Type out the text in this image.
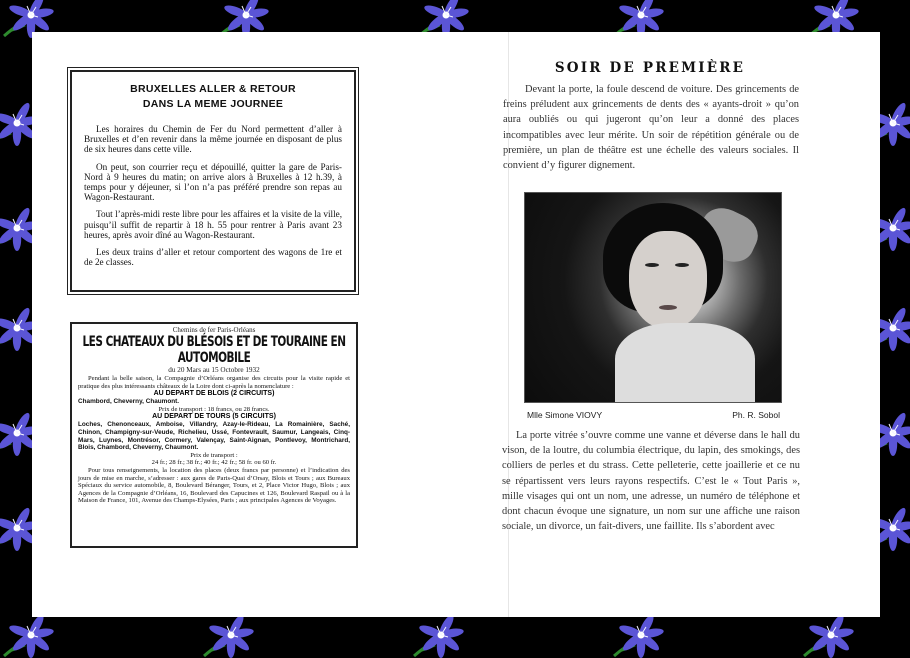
BRUXELLES ALLER & RETOUR
DANS LA MEME JOURNEE

Les horaires du Chemin de Fer du Nord permettent d’aller à Bruxelles et d’en revenir dans la même journée en disposant de plus de six heures dans cette ville.

On peut, son courrier reçu et dépouillé, quitter la gare de Paris-Nord à 9 heures du matin; on arrive alors à Bruxelles à 12 h.39, à temps pour y déjeuner, si l’on n’a pas préféré prendre son repas au Wagon-Restaurant.

Tout l’après-midi reste libre pour les affaires et la visite de la ville, puisqu’il suffit de repartir à 18 h. 55 pour rentrer à Paris avant 23 heures, après avoir dîné au Wagon-Restaurant.

Les deux trains d’aller et retour comportent des wagons de 1re et de 2e classes.

Chemins de fer Paris-Orléans
LES CHATEAUX DU BLÉSOIS ET DE TOURAINE EN AUTOMOBILE
du 20 Mars au 15 Octobre 1932
Pendant la belle saison, la Compagnie d’Orléans organise des circuits pour la visite rapide et pratique des plus intéressants châteaux de la Loire dont ci-après la nomenclature :
AU DEPART DE BLOIS (2 CIRCUITS)
Chambord, Cheverny, Chaumont.
Prix de transport : 18 francs, ou 28 francs.
AU DEPART DE TOURS (5 CIRCUITS)
Loches, Chenonceaux, Amboise, Villandry, Azay-le-Rideau, La Romainière, Saché, Chinon, Champigny-sur-Veude, Richelieu, Ussé, Fontevrault, Saumur, Langeais, Cinq-Mars, Luynes, Montrésor, Cormery, Valençay, Saint-Aignan, Pontlevoy, Montrichard, Blois, Chambord, Cheverny, Chaumont.
Prix de transport :
24 fr.; 28 fr.; 38 fr.; 40 fr.; 42 fr.; 58 fr. ou 60 fr.
Pour tous renseignements, la location des places (deux francs par personne) et l’indication des jours de mise en marche, s’adresser : aux gares de Paris-Quai d’Orsay, Blois et Tours ; aux Bureaux Spéciaux du service automobile, 8, Boulevard Béranger, Tours, et 2, Place Victor Hugo, Blois ; aux Agences de la Compagnie d’Orléans, 16, Boulevard des Capucines et 126, Boulevard Raspail ou à la Maison de France, 101, Avenue des Champs-Elysées, Paris ; aux principales Agences de Voyages.
SOIR DE PREMIÈRE

Devant la porte, la foule descend de voiture. Des grincements de freins préludent aux grincements de dents des « ayants-droit » qu’on aura oubliés ou qui jugeront qu’on leur a donné des places incompatibles avec leur mérite. Un soir de répétition générale ou de première, un plan de théâtre est une échelle des valeurs sociales. Il convient d’y figurer dignement.

Mlle Simone VIOVY	Ph. R. Sobol

La porte vitrée s’ouvre comme une vanne et déverse dans le hall du vison, de la loutre, du columbia électrique, du lapin, des smokings, des colliers de perles et du strass. Cette pelleterie, cette joaillerie et ce nu se répartissent vers leurs rayons respectifs. C’est le « Tout Paris », mille visages qui ont un nom, une adresse, un numéro de téléphone et dont chacun évoque une signature, un nom sur une affiche une raison sociale, un divorce, un fait-divers, une faillite. Ils s’abordent avec
